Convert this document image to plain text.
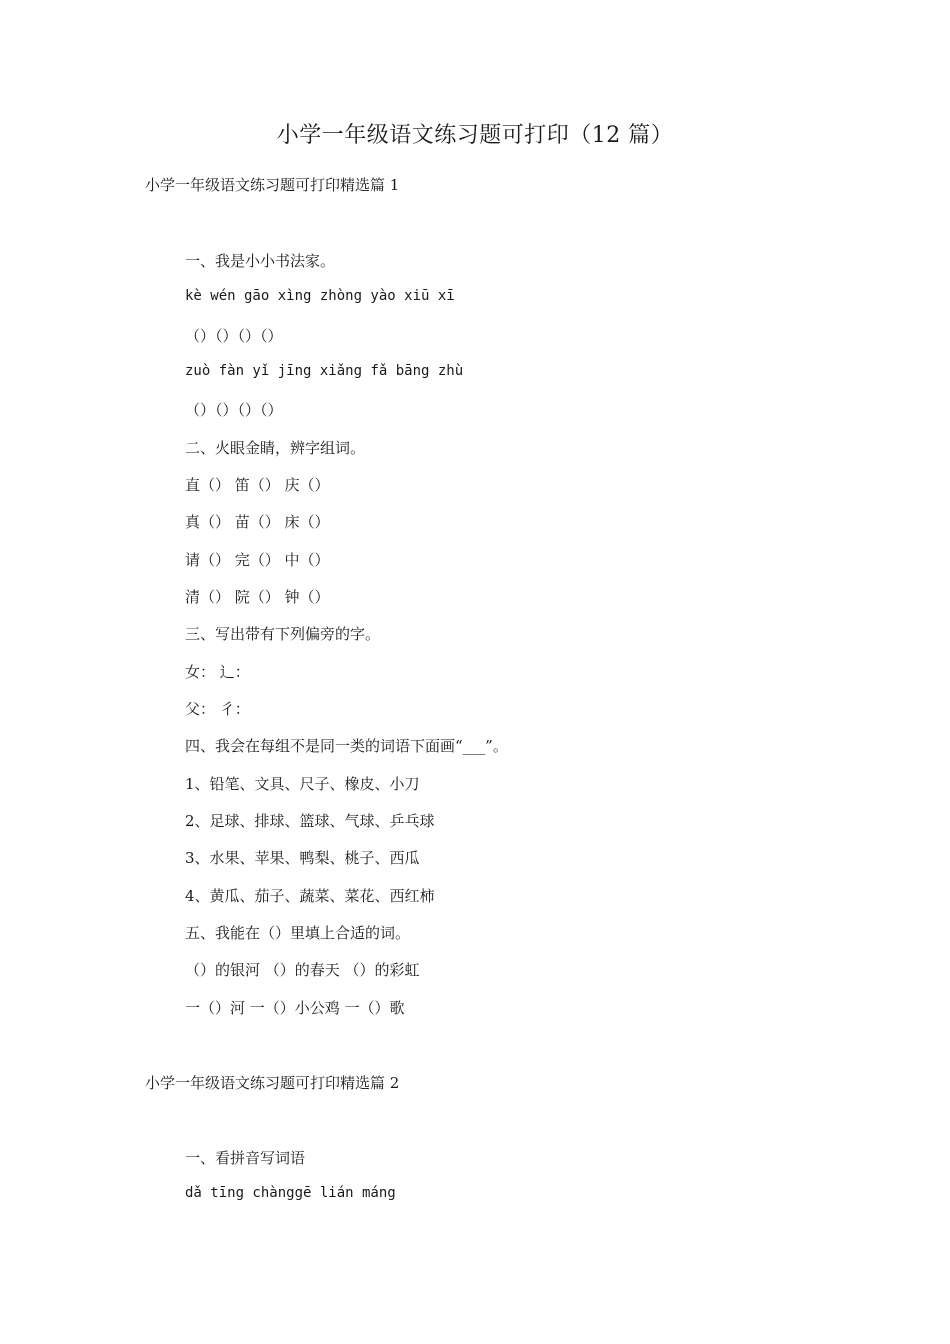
小学一年级语文练习题可打印（12 篇）
小学一年级语文练习题可打印精选篇 1
一、我是小小书法家。
kè wén gāo xìng zhòng yào xiū xī
（）（）（）（）
zuò fàn yǐ jīng xiǎng fǎ bāng zhù
（）（）（）（）
二、火眼金睛，辨字组词。
直（） 笛（） 庆（）
真（） 苗（） 床（）
请（） 完（） 中（）
清（） 院（） 钟（）
三、写出带有下列偏旁的字。
女： 辶：
父： 彳：
四、我会在每组不是同一类的词语下面画“___”。
1、铅笔、文具、尺子、橡皮、小刀
2、足球、排球、篮球、气球、乒乓球
3、水果、苹果、鸭梨、桃子、西瓜
4、黄瓜、茄子、蔬菜、菜花、西红柿
五、我能在（）里填上合适的词。
（）的银河 （）的春天 （）的彩虹
一（）河 一（）小公鸡 一（）歌
小学一年级语文练习题可打印精选篇 2
一、看拼音写词语
dǎ tīng chànggē lián máng
